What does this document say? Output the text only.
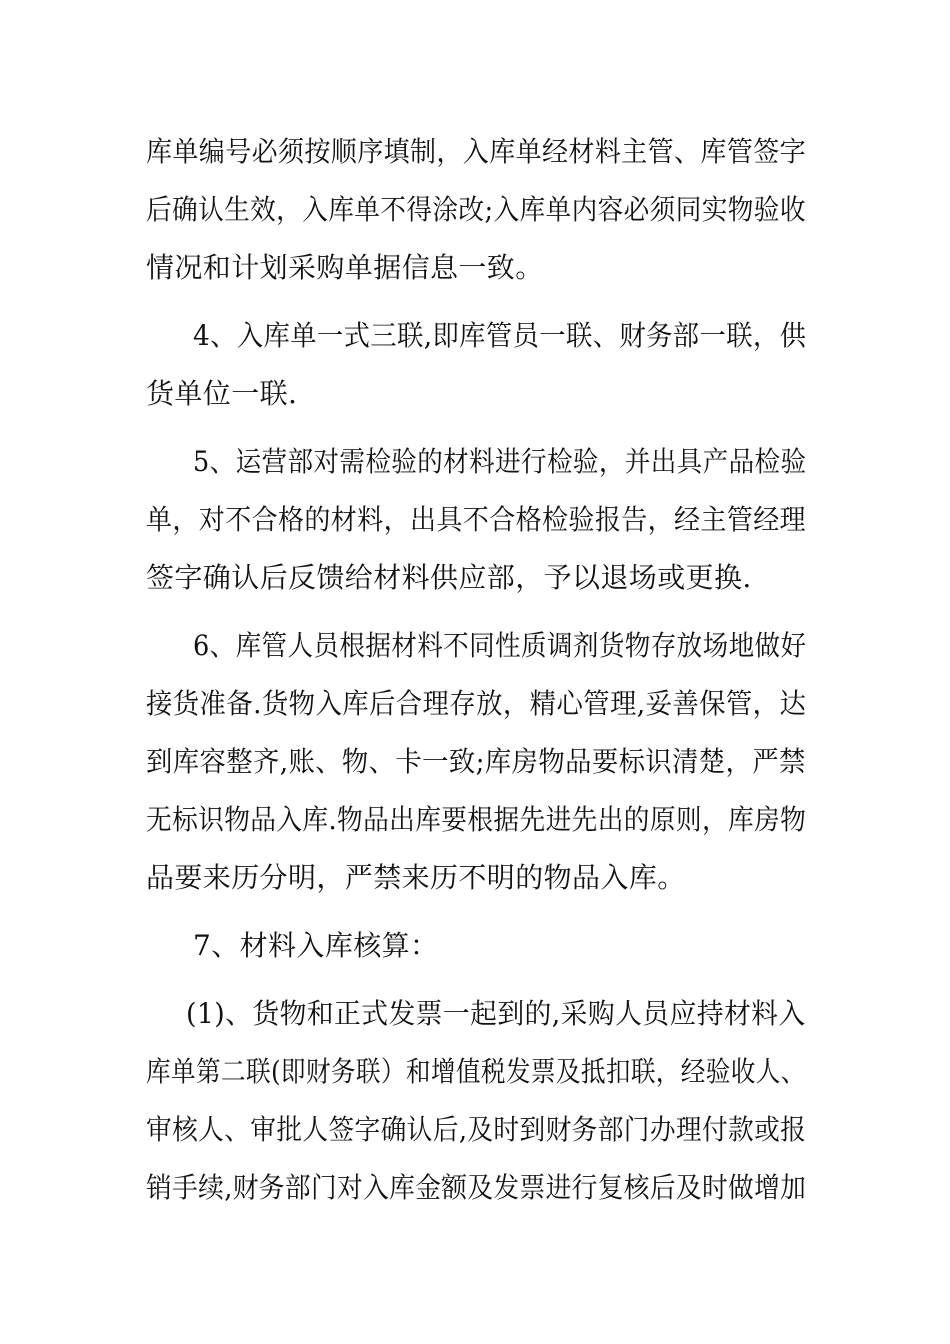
库单编号必须按顺序填制，入库单经材料主管、库管签字
后确认生效，入库单不得涂改;入库单内容必须同实物验收
情况和计划采购单据信息一致。
4、入库单一式三联,即库管员一联、财务部一联，供
货单位一联.
5、运营部对需检验的材料进行检验，并出具产品检验
单，对不合格的材料，出具不合格检验报告，经主管经理
签字确认后反馈给材料供应部，予以退场或更换.
6、库管人员根据材料不同性质调剂货物存放场地做好
接货准备.货物入库后合理存放，精心管理,妥善保管，达
到库容整齐,账、物、卡一致;库房物品要标识清楚，严禁
无标识物品入库.物品出库要根据先进先出的原则，库房物
品要来历分明，严禁来历不明的物品入库。
7、材料入库核算：
(1)、货物和正式发票一起到的,采购人员应持材料入
库单第二联(即财务联）和增值税发票及抵扣联，经验收人、
审核人、审批人签字确认后,及时到财务部门办理付款或报
销手续,财务部门对入库金额及发票进行复核后及时做增加
